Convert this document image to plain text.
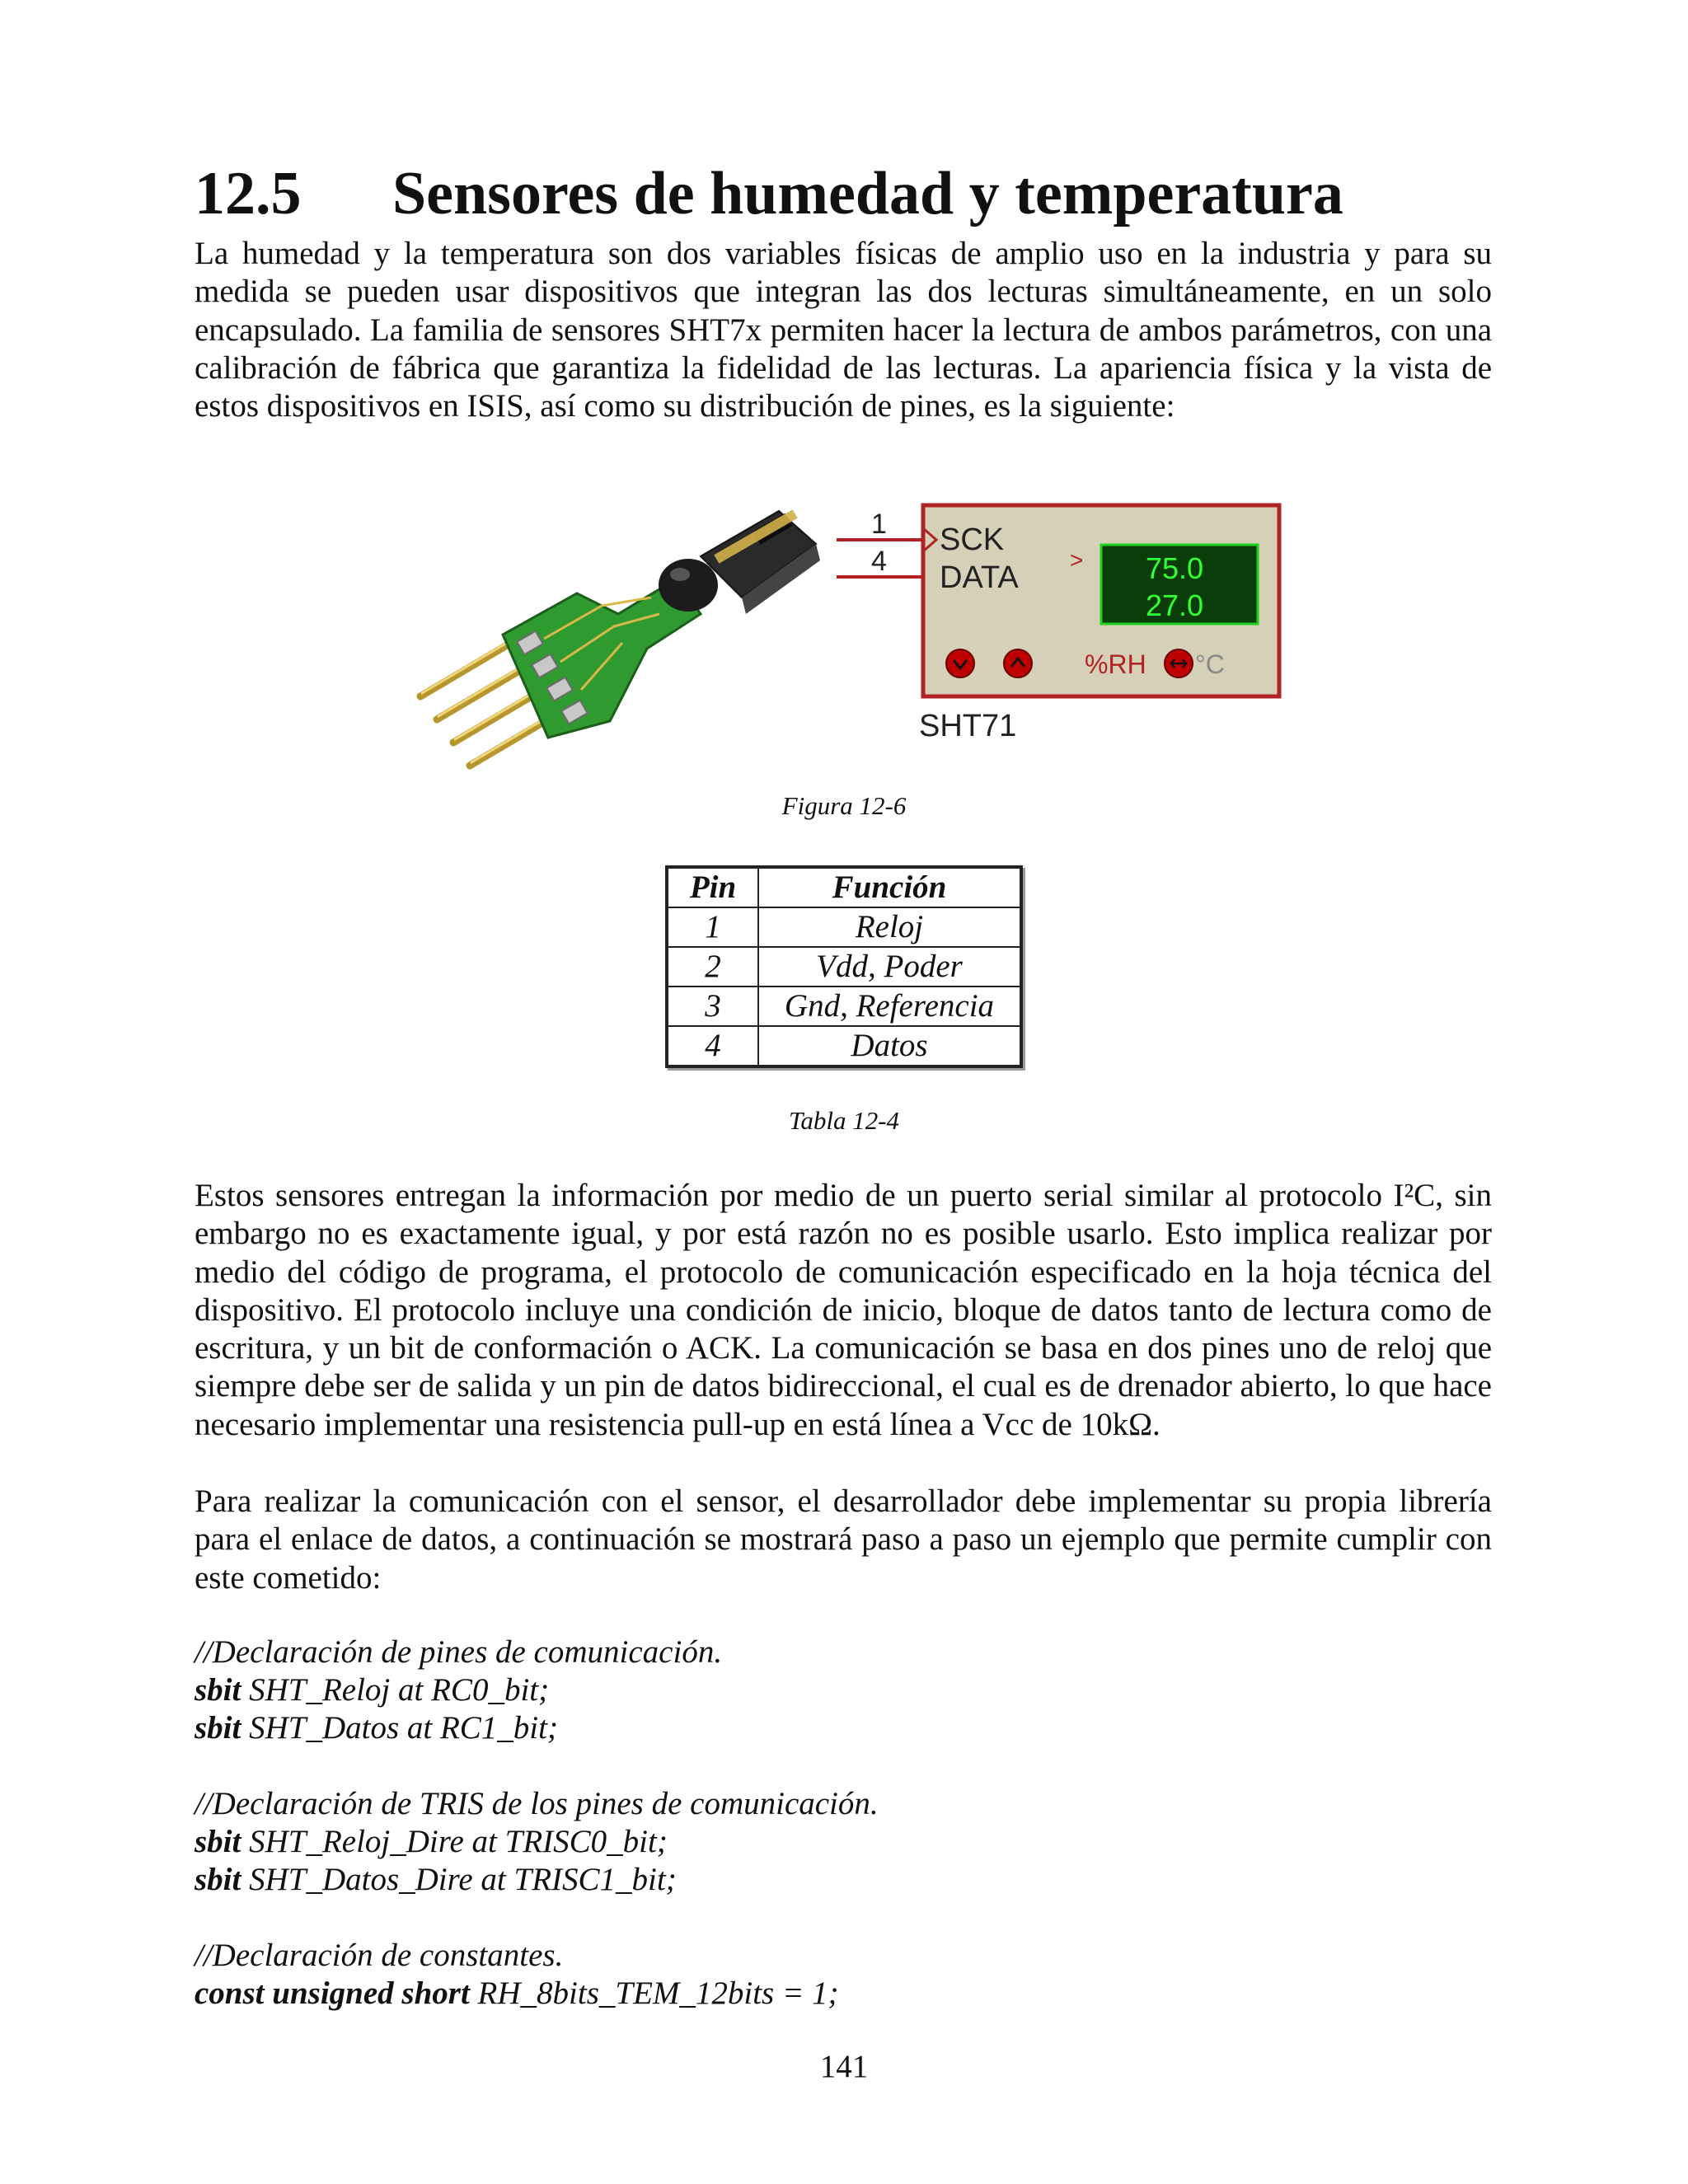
12.5 Sensores de humedad y temperatura

La humedad y la temperatura son dos variables físicas de amplio uso en la industria y para su medida se pueden usar dispositivos que integran las dos lecturas simultáneamente, en un solo encapsulado. La familia de sensores SHT7x permiten hacer la lectura de ambos parámetros, con una calibración de fábrica que garantiza la fidelidad de las lecturas. La apariencia física y la vista de estos dispositivos en ISIS, así como su distribución de pines, es la siguiente:

1
4
SCK
DATA
> 75.0
27.0
%RH °C
SHT71
Figura 12-6
Pin	Función
1	Reloj
2	Vdd, Poder
3	Gnd, Referencia
4	Datos
Tabla 12-4

Estos sensores entregan la información por medio de un puerto serial similar al protocolo I²C, sin embargo no es exactamente igual, y por está razón no es posible usarlo. Esto implica realizar por medio del código de programa, el protocolo de comunicación especificado en la hoja técnica del dispositivo. El protocolo incluye una condición de inicio, bloque de datos tanto de lectura como de escritura, y un bit de conformación o ACK. La comunicación se basa en dos pines uno de reloj que siempre debe ser de salida y un pin de datos bidireccional, el cual es de drenador abierto, lo que hace necesario implementar una resistencia pull-up en está línea a Vcc de 10kΩ.

Para realizar la comunicación con el sensor, el desarrollador debe implementar su propia librería para el enlace de datos, a continuación se mostrará paso a paso un ejemplo que permite cumplir con este cometido:

//Declaración de pines de comunicación.
sbit SHT_Reloj at RC0_bit;
sbit SHT_Datos at RC1_bit;
//Declaración de TRIS de los pines de comunicación.
sbit SHT_Reloj_Dire at TRISC0_bit;
sbit SHT_Datos_Dire at TRISC1_bit;
//Declaración de constantes.
const unsigned short RH_8bits_TEM_12bits = 1;
141
